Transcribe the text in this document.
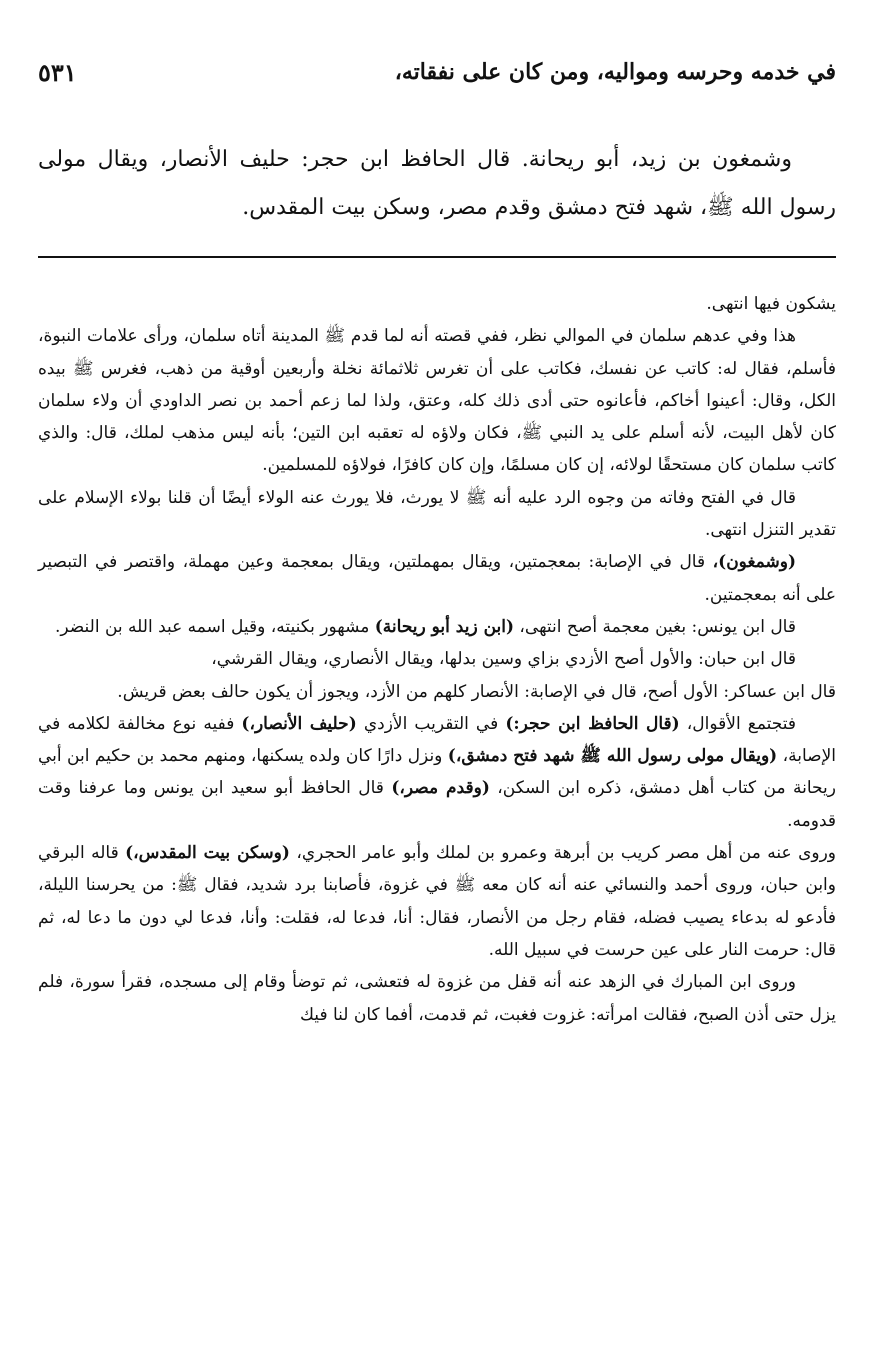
في خدمه وحرسه ومواليه، ومن كان على نفقاته،
٥٣١

وشمغون بن زيد، أبو ريحانة. قال الحافظ ابن حجر: حليف الأنصار، ويقال مولى رسول الله ﷺ، شهد فتح دمشق وقدم مصر، وسكن بيت المقدس.

يشكون فيها انتهى.

هذا وفي عدهم سلمان في الموالي نظر، ففي قصته أنه لما قدم ﷺ المدينة أتاه سلمان، ورأى علامات النبوة، فأسلم، فقال له: كاتب عن نفسك، فكاتب على أن تغرس ثلاثمائة نخلة وأربعين أوقية من ذهب، فغرس ﷺ بيده الكل، وقال: أعينوا أخاكم، فأعانوه حتى أدى ذلك كله، وعتق، ولذا لما زعم أحمد بن نصر الداودي أن ولاء سلمان كان لأهل البيت، لأنه أسلم على يد النبي ﷺ، فكان ولاؤه له تعقبه ابن التين؛ بأنه ليس مذهب لملك، قال: والذي كاتب سلمان كان مستحقًا لولائه، إن كان مسلمًا، وإن كان كافرًا، فولاؤه للمسلمين.

قال في الفتح وفاته من وجوه الرد عليه أنه ﷺ لا يورث، فلا يورث عنه الولاء أيضًا أن قلنا بولاء الإسلام على تقدير التنزل انتهى.

(وشمغون)، قال في الإصابة: بمعجمتين، ويقال بمهملتين، ويقال بمعجمة وعين مهملة، واقتصر في التبصير على أنه بمعجمتين.

قال ابن يونس: بغين معجمة أصح انتهى، (ابن زيد أبو ريحانة) مشهور بكنيته، وقيل اسمه عبد الله بن النضر.

قال ابن حبان: والأول أصح الأزدي بزاي وسين بدلها، ويقال الأنصاري، ويقال القرشي،

قال ابن عساكر: الأول أصح، قال في الإصابة: الأنصار كلهم من الأزد، ويجوز أن يكون حالف بعض قريش.

فتجتمع الأقوال، (قال الحافظ ابن حجر:) في التقريب الأزدي (حليف الأنصار،) ففيه نوع مخالفة لكلامه في الإصابة، (ويقال مولى رسول الله ﷺ شهد فتح دمشق،) ونزل دارًا كان ولده يسكنها، ومنهم محمد بن حكيم ابن أبي ريحانة من كتاب أهل دمشق، ذكره ابن السكن، (وقدم مصر،) قال الحافظ أبو سعيد ابن يونس وما عرفنا وقت قدومه.

وروى عنه من أهل مصر كريب بن أبرهة وعمرو بن لملك وأبو عامر الحجري، (وسكن بيت المقدس،) قاله البرقي وابن حبان، وروى أحمد والنسائي عنه أنه كان معه ﷺ في غزوة، فأصابنا برد شديد، فقال ﷺ: من يحرسنا الليلة، فأدعو له بدعاء يصيب فضله، فقام رجل من الأنصار، فقال: أنا، فدعا له، فقلت: وأنا، فدعا لي دون ما دعا له، ثم قال: حرمت النار على عين حرست في سبيل الله.

وروى ابن المبارك في الزهد عنه أنه قفل من غزوة له فتعشى، ثم توضأ وقام إلى مسجده، فقرأ سورة، فلم يزل حتى أذن الصبح، فقالت امرأته: غزوت فغبت، ثم قدمت، أفما كان لنا فيك
